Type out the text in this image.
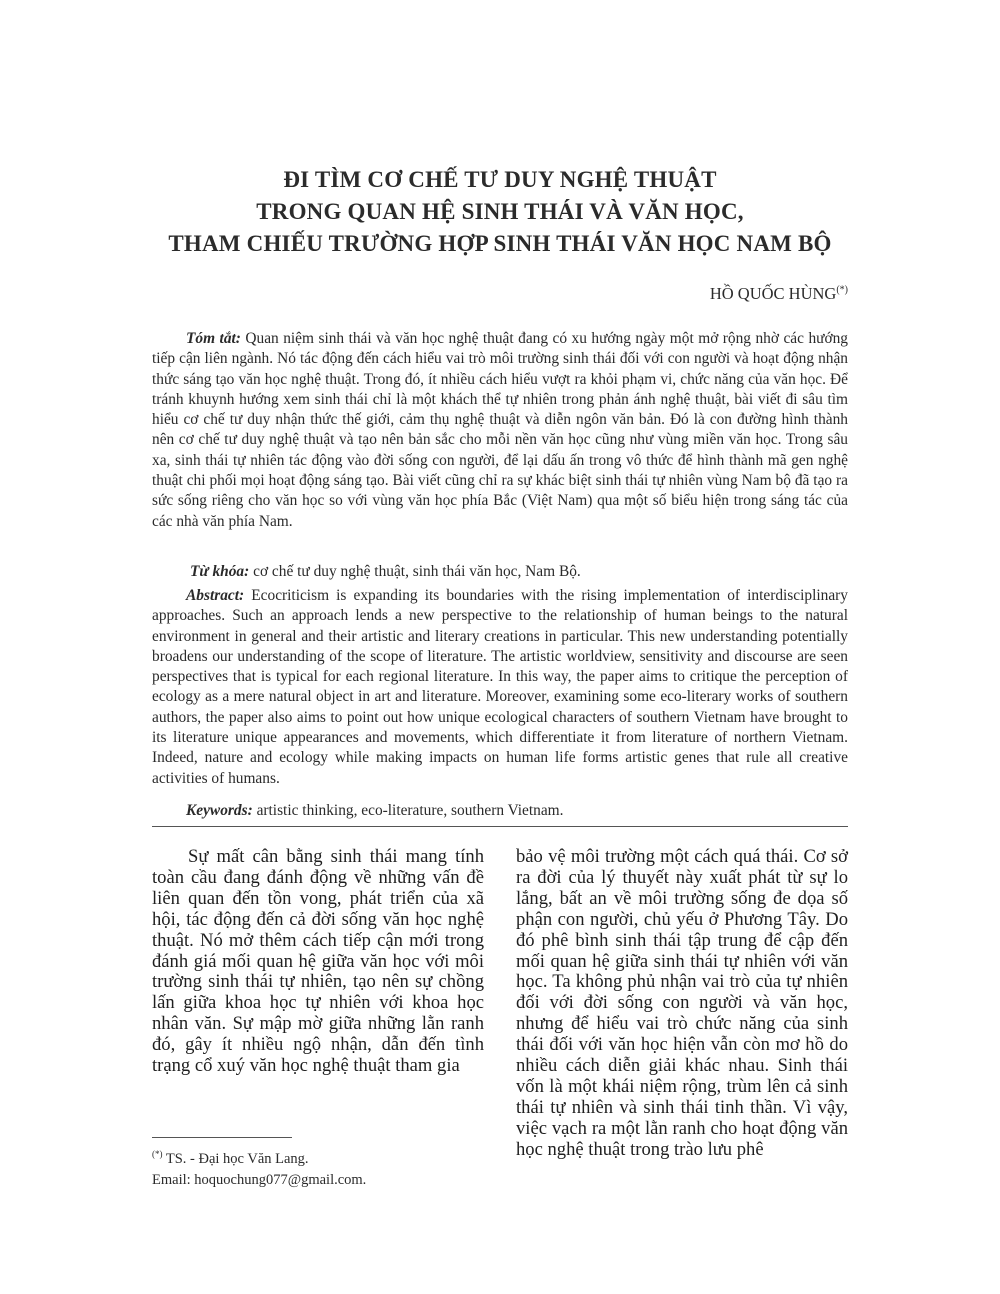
ĐI TÌM CƠ CHẾ TƯ DUY NGHỆ THUẬT
TRONG QUAN HỆ SINH THÁI VÀ VĂN HỌC,
THAM CHIẾU TRƯỜNG HỢP SINH THÁI VĂN HỌC NAM BỘ
HỒ QUỐC HÙNG(*)
Tóm tắt: Quan niệm sinh thái và văn học nghệ thuật đang có xu hướng ngày một mở rộng nhờ các hướng tiếp cận liên ngành. Nó tác động đến cách hiểu vai trò môi trường sinh thái đối với con người và hoạt động nhận thức sáng tạo văn học nghệ thuật. Trong đó, ít nhiều cách hiểu vượt ra khỏi phạm vi, chức năng của văn học. Để tránh khuynh hướng xem sinh thái chỉ là một khách thể tự nhiên trong phản ánh nghệ thuật, bài viết đi sâu tìm hiểu cơ chế tư duy nhận thức thế giới, cảm thụ nghệ thuật và diễn ngôn văn bản. Đó là con đường hình thành nên cơ chế tư duy nghệ thuật và tạo nên bản sắc cho mỗi nền văn học cũng như vùng miền văn học. Trong sâu xa, sinh thái tự nhiên tác động vào đời sống con người, để lại dấu ấn trong vô thức để hình thành mã gen nghệ thuật chi phối mọi hoạt động sáng tạo. Bài viết cũng chỉ ra sự khác biệt sinh thái tự nhiên vùng Nam bộ đã tạo ra sức sống riêng cho văn học so với vùng văn học phía Bắc (Việt Nam) qua một số biểu hiện trong sáng tác của các nhà văn phía Nam.
Từ khóa: cơ chế tư duy nghệ thuật, sinh thái văn học, Nam Bộ.
Abstract: Ecocriticism is expanding its boundaries with the rising implementation of interdisciplinary approaches. Such an approach lends a new perspective to the relationship of human beings to the natural environment in general and their artistic and literary creations in particular. This new understanding potentially broadens our understanding of the scope of literature. The artistic worldview, sensitivity and discourse are seen perspectives that is typical for each regional literature. In this way, the paper aims to critique the perception of ecology as a mere natural object in art and literature. Moreover, examining some eco-literary works of southern authors, the paper also aims to point out how unique ecological characters of southern Vietnam have brought to its literature unique appearances and movements, which differentiate it from literature of northern Vietnam. Indeed, nature and ecology while making impacts on human life forms artistic genes that rule all creative activities of humans.
Keywords: artistic thinking, eco-literature, southern Vietnam.
Sự mất cân bằng sinh thái mang tính toàn cầu đang đánh động về những vấn đề liên quan đến tồn vong, phát triển của xã hội, tác động đến cả đời sống văn học nghệ thuật. Nó mở thêm cách tiếp cận mới trong đánh giá mối quan hệ giữa văn học với môi trường sinh thái tự nhiên, tạo nên sự chồng lấn giữa khoa học tự nhiên với khoa học nhân văn. Sự mập mờ giữa những lằn ranh đó, gây ít nhiều ngộ nhận, dẫn đến tình trạng cổ xuý văn học nghệ thuật tham gia
bảo vệ môi trường một cách quá thái. Cơ sở ra đời của lý thuyết này xuất phát từ sự lo lắng, bất an về môi trường sống đe dọa số phận con người, chủ yếu ở Phương Tây. Do đó phê bình sinh thái tập trung để cập đến mối quan hệ giữa sinh thái tự nhiên với văn học. Ta không phủ nhận vai trò của tự nhiên đối với đời sống con người và văn học, nhưng để hiểu vai trò chức năng của sinh thái đối với văn học hiện vẫn còn mơ hồ do nhiều cách diễn giải khác nhau. Sinh thái vốn là một khái niệm rộng, trùm lên cả sinh thái tự nhiên và sinh thái tinh thần. Vì vậy, việc vạch ra một lằn ranh cho hoạt động văn học nghệ thuật trong trào lưu phê
(*) TS. - Đại học Văn Lang.
Email: hoquochung077@gmail.com.
